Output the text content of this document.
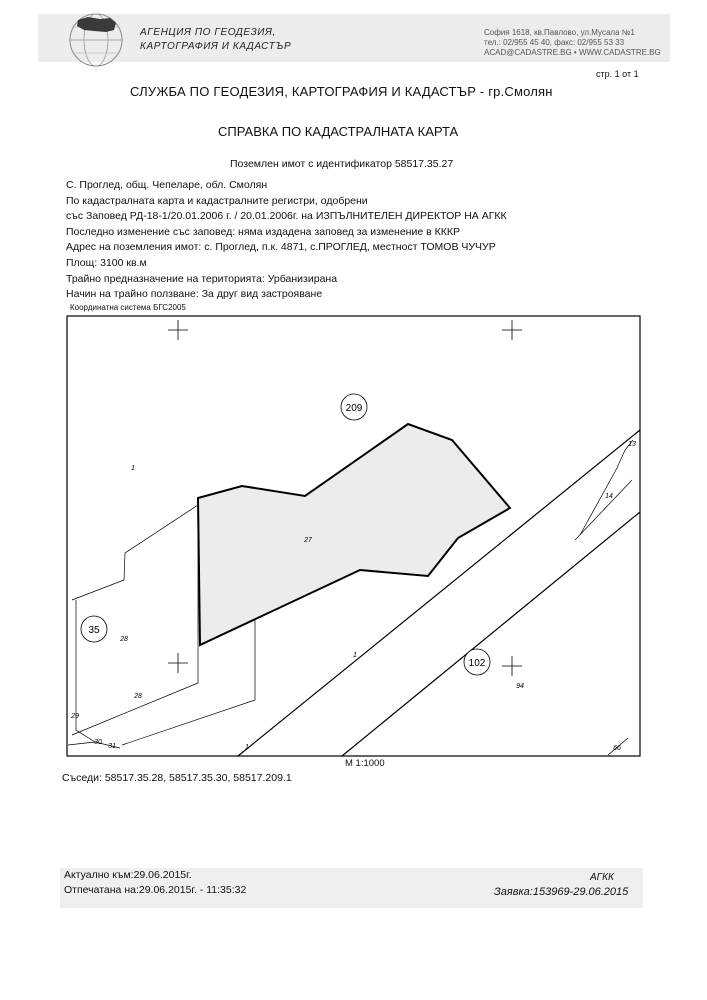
АГЕНЦИЯ ПО ГЕОДЕЗИЯ,
КАРТОГРАФИЯ И КАДАСТЪР
София 1618, кв.Павлово, ул.Мусала №1
тел.: 02/955 45 40, факс: 02/955 53 33
ACAD@CADASTRE.BG • WWW.CADASTRE.BG
стр. 1 от 1
СЛУЖБА ПО ГЕОДЕЗИЯ, КАРТОГРАФИЯ И КАДАСТЪР - гр.Смолян
СПРАВКА ПО КАДАСТРАЛНАТА КАРТА
Поземлен имот с идентификатор 58517.35.27
С. Проглед, общ. Чепеларе, обл. Смолян
По кадастралната карта и кадастралните регистри, одобрени
със Заповед РД-18-1/20.01.2006 г. / 20.01.2006г. на ИЗПЪЛНИТЕЛЕН ДИРЕКТОР НА АГКК
Последно изменение със заповед: няма издадена заповед за изменение в КККР
Адрес на поземления имот: с. Проглед, п.к. 4871, с.ПРОГЛЕД, местност ТОМОВ ЧУЧУР
Площ: 3100 кв.м
Трайно предназначение на територията: Урбанизирана
Начин на трайно ползване: За друг вид застрояване
Координатна система БГС2005
209
35
102
1
27
28
28
1
29
30
31	1
94
13
14
66
М 1:1000
Съседи: 58517.35.28, 58517.35.30, 58517.209.1
Актуално към:29.06.2015г.
Отпечатана на:29.06.2015г. - 11:35:32
АГКК
Заявка:153969-29.06.2015
